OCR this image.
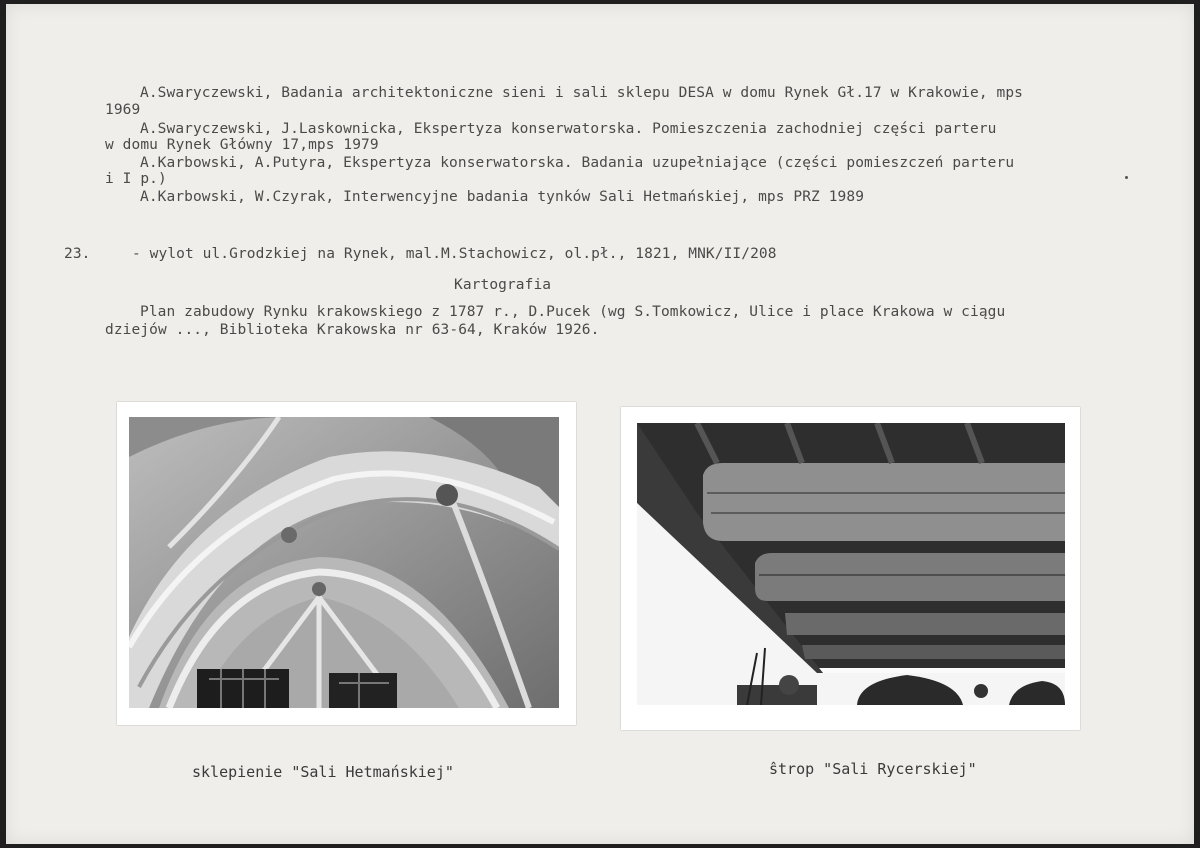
A.Swaryczewski, Badania architektoniczne sieni i sali sklepu DESA w domu Rynek Gł.17 w Krakowie, mps
1969
A.Swaryczewski, J.Laskownicka, Ekspertyza konserwatorska. Pomieszczenia zachodniej części parteru
w domu Rynek Główny 17,mps 1979
A.Karbowski, A.Putyra, Ekspertyza konserwatorska. Badania uzupełniające (części pomieszczeń parteru
i I p.)
A.Karbowski, W.Czyrak, Interwencyjne badania tynków Sali Hetmańskiej, mps PRZ 1989
23.	- wylot ul.Grodzkiej na Rynek, mal.M.Stachowicz, ol.pł., 1821, MNK/II/208
Kartografia
Plan zabudowy Rynku krakowskiego z 1787 r., D.Pucek (wg S.Tomkowicz, Ulice i place Krakowa w ciągu
dziejów ..., Biblioteka Krakowska nr 63-64, Kraków 1926.
sklepienie "Sali Hetmańskiej"	ŝtrop "Sali Rycerskiej"
